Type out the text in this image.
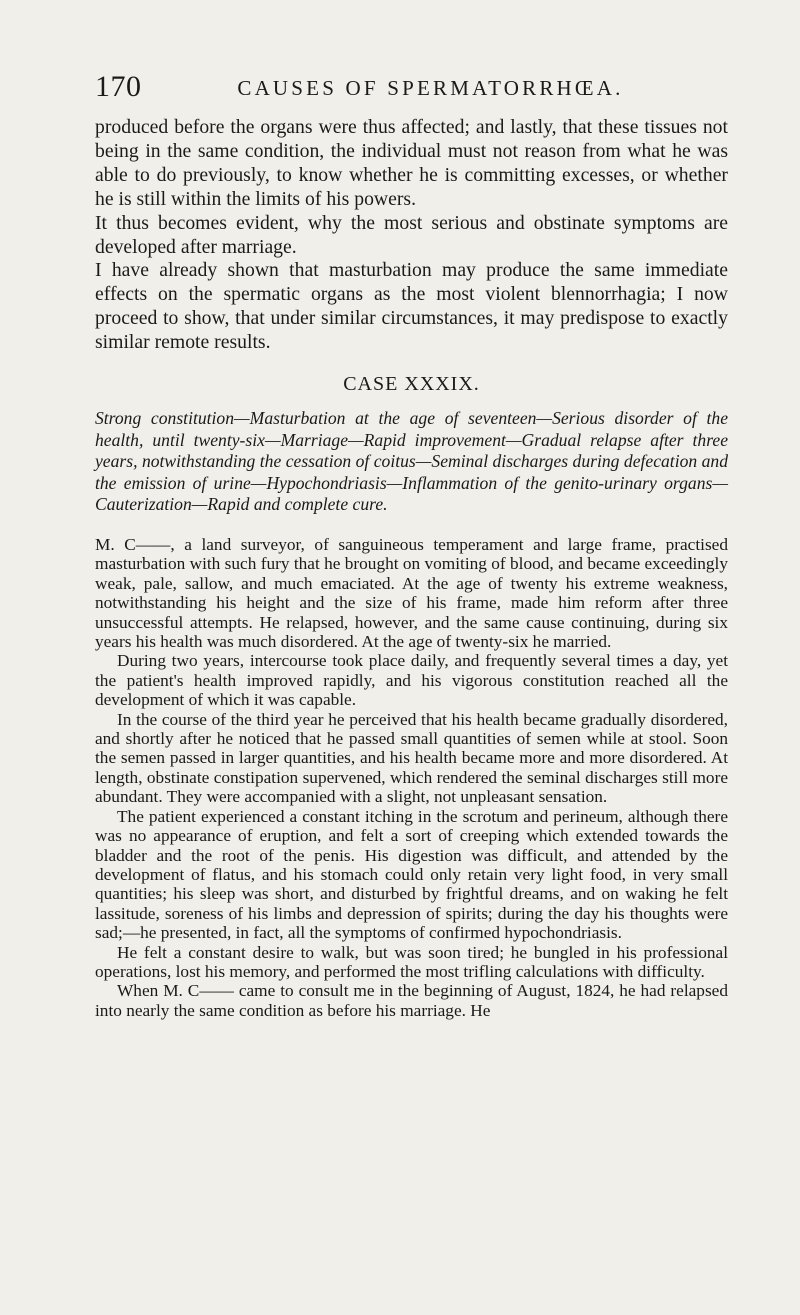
170	CAUSES OF SPERMATORRHŒA.

produced before the organs were thus affected; and lastly, that these tissues not being in the same condition, the individual must not reason from what he was able to do previously, to know whether he is committing excesses, or whether he is still within the limits of his powers.

It thus becomes evident, why the most serious and obstinate symptoms are developed after marriage.

I have already shown that masturbation may produce the same immediate effects on the spermatic organs as the most violent blennorrhagia; I now proceed to show, that under similar circumstances, it may predispose to exactly similar remote results.

CASE XXXIX.
Strong constitution—Masturbation at the age of seventeen—Serious disorder of the health, until twenty-six—Marriage—Rapid improvement—Gradual relapse after three years, notwithstanding the cessation of coitus—Seminal discharges during defecation and the emission of urine—Hypochondriasis—Inflammation of the genito-urinary organs—Cauterization—Rapid and complete cure.

M. C——, a land surveyor, of sanguineous temperament and large frame, practised masturbation with such fury that he brought on vomiting of blood, and became exceedingly weak, pale, sallow, and much emaciated. At the age of twenty his extreme weakness, notwithstanding his height and the size of his frame, made him reform after three unsuccessful attempts. He relapsed, however, and the same cause continuing, during six years his health was much disordered. At the age of twenty-six he married.

During two years, intercourse took place daily, and frequently several times a day, yet the patient's health improved rapidly, and his vigorous constitution reached all the development of which it was capable.

In the course of the third year he perceived that his health became gradually disordered, and shortly after he noticed that he passed small quantities of semen while at stool. Soon the semen passed in larger quantities, and his health became more and more disordered. At length, obstinate constipation supervened, which rendered the seminal discharges still more abundant. They were accompanied with a slight, not unpleasant sensation.

The patient experienced a constant itching in the scrotum and perineum, although there was no appearance of eruption, and felt a sort of creeping which extended towards the bladder and the root of the penis. His digestion was difficult, and attended by the development of flatus, and his stomach could only retain very light food, in very small quantities; his sleep was short, and disturbed by frightful dreams, and on waking he felt lassitude, soreness of his limbs and depression of spirits; during the day his thoughts were sad;—he presented, in fact, all the symptoms of confirmed hypochondriasis.

He felt a constant desire to walk, but was soon tired; he bungled in his professional operations, lost his memory, and performed the most trifling calculations with difficulty.

When M. C—— came to consult me in the beginning of August, 1824, he had relapsed into nearly the same condition as before his marriage. He
